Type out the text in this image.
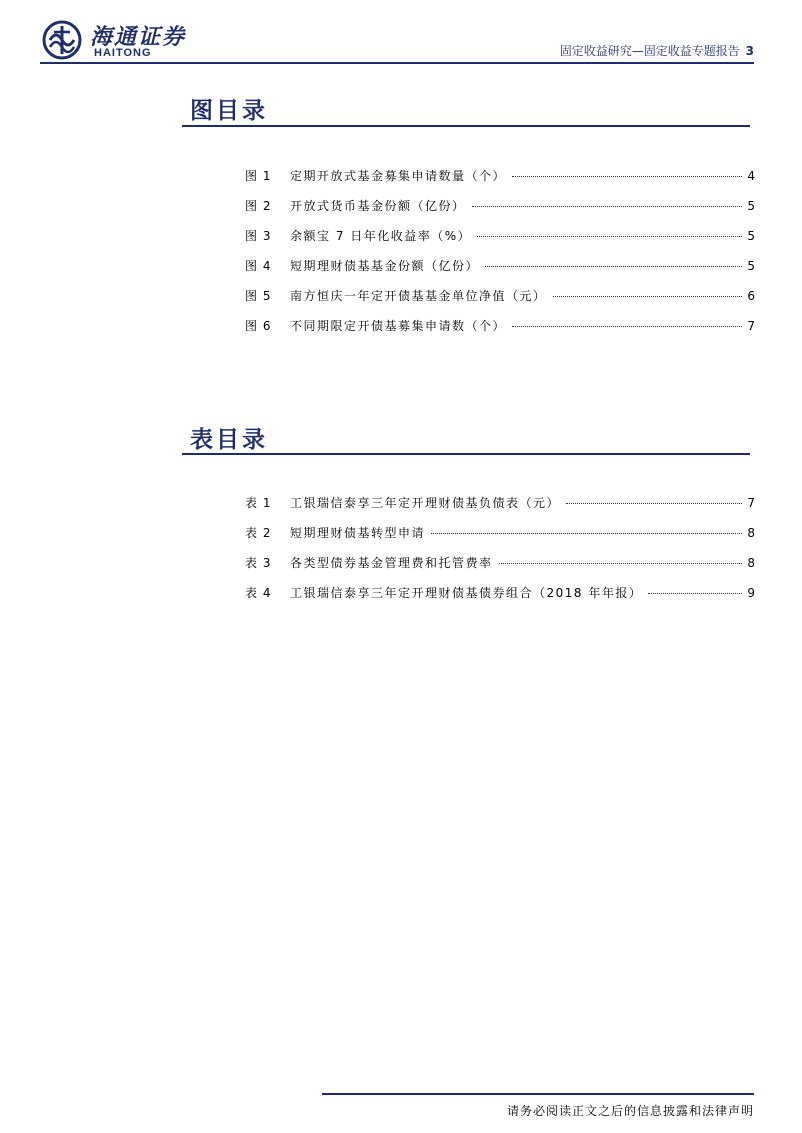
海通证券
HAITONG	固定收益研究—固定收益专题报告 3
图目录
图 1	定期开放式基金募集申请数量（个）	4
图 2	开放式货币基金份额（亿份）	5
图 3	余额宝 7 日年化收益率（%）	5
图 4	短期理财债基基金份额（亿份）	5
图 5	南方恒庆一年定开债基基金单位净值（元）	6
图 6	不同期限定开债基募集申请数（个）	7
表目录
表 1	工银瑞信泰享三年定开理财债基负债表（元）	7
表 2	短期理财债基转型申请	8
表 3	各类型债券基金管理费和托管费率	8
表 4	工银瑞信泰享三年定开理财债基债券组合（2018 年年报）	9
请务必阅读正文之后的信息披露和法律声明
